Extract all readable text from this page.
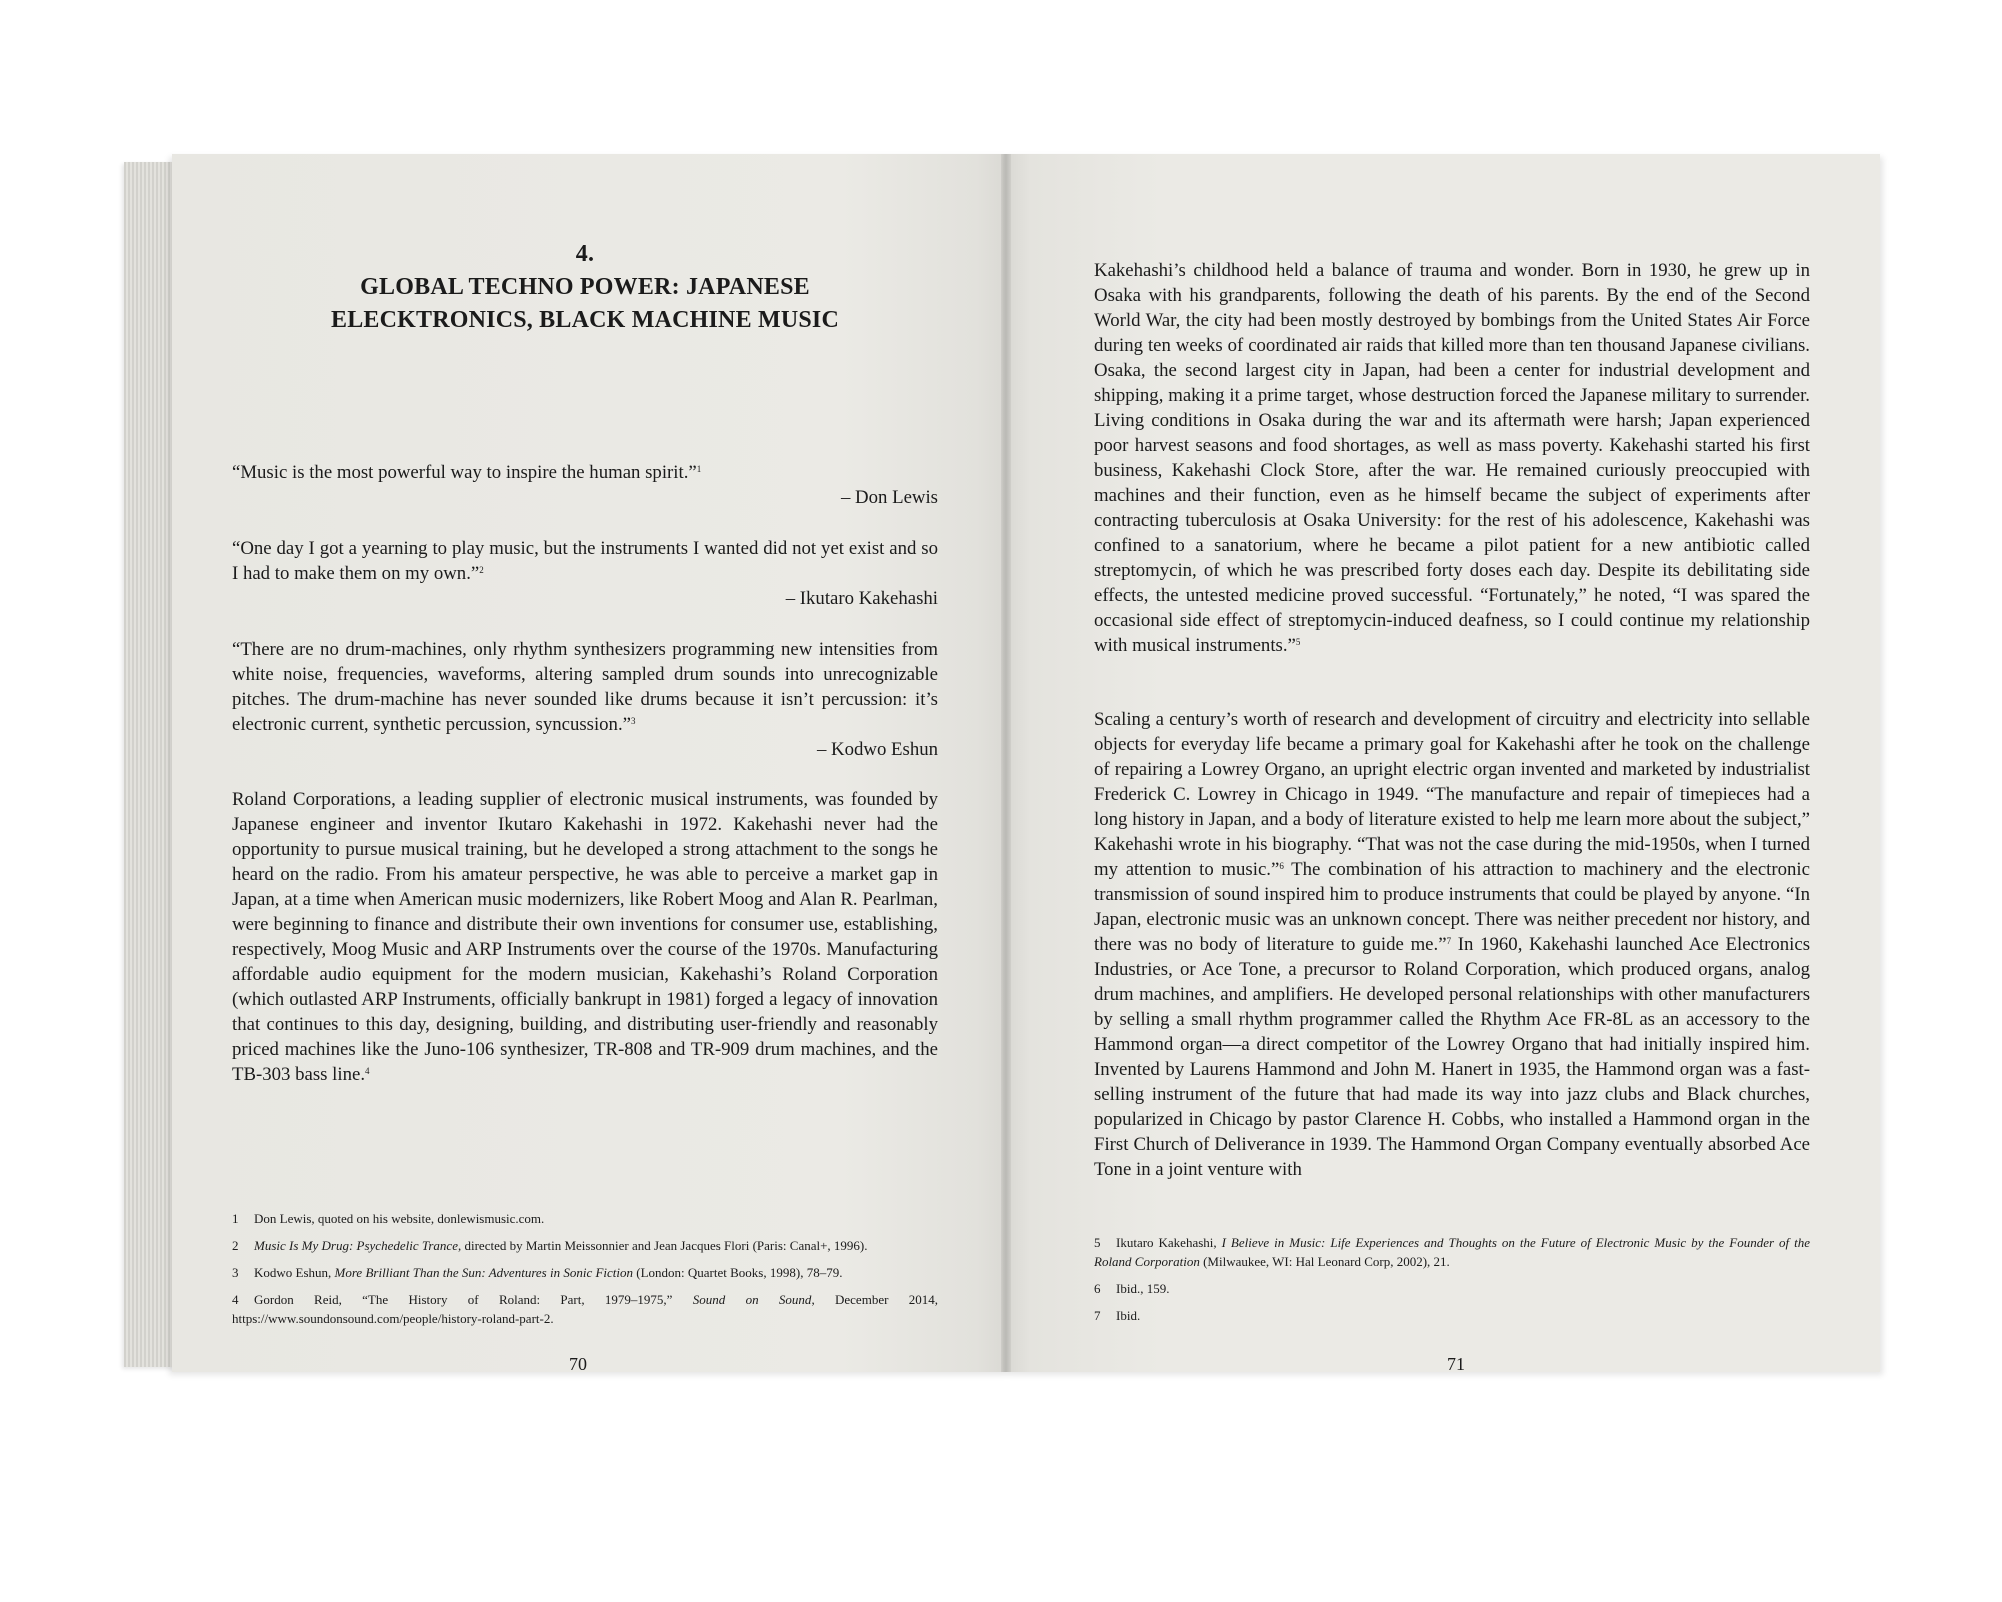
4.
GLOBAL TECHNO POWER: JAPANESE
ELECKTRONICS, BLACK MACHINE MUSIC

“Music is the most powerful way to inspire the human spirit.”$^1$

– Don Lewis

“One day I got a yearning to play music, but the instruments I wanted did not yet exist and so I had to make them on my own.”$^2$

– Ikutaro Kakehashi

“There are no drum-machines, only rhythm synthesizers programming new intensities from white noise, frequencies, waveforms, altering sampled drum sounds into unrecognizable pitches. The drum-machine has never sounded like drums because it isn’t percussion: it’s electronic current, synthetic percussion, syncussion.”$^3$

– Kodwo Eshun
Roland Corporations, a leading supplier of electronic musical instruments, was founded by Japanese engineer and inventor Ikutaro Kakehashi in 1972. Kakehashi never had the opportunity to pursue musical training, but he developed a strong attachment to the songs he heard on the radio. From his amateur perspective, he was able to perceive a market gap in Japan, at a time when American music modernizers, like Robert Moog and Alan R. Pearlman, were beginning to finance and distribute their own inventions for consumer use, establishing, respectively, Moog Music and ARP Instruments over the course of the 1970s. Manufacturing affordable audio equipment for the modern musician, Kakehashi’s Roland Corporation (which outlasted ARP Instruments, officially bankrupt in 1981) forged a legacy of innovation that continues to this day, designing, building, and distributing user-friendly and reasonably priced machines like the Juno-106 synthesizer, TR-808 and TR-909 drum machines, and the TB-303 bass line.$^4$
1 Don Lewis, quoted on his website, donlewismusic.com.
2 Music Is My Drug: Psychedelic Trance, directed by Martin Meissonnier and Jean Jacques Flori (Paris: Canal+, 1996).
3 Kodwo Eshun, More Brilliant Than the Sun: Adventures in Sonic Fiction (London: Quartet Books, 1998), 78–79.
4 Gordon Reid, “The History of Roland: Part, 1979–1975,” Sound on Sound, December 2014, https://www.soundonsound.com/people/history-roland-part-2.
70
Kakehashi’s childhood held a balance of trauma and wonder. Born in 1930, he grew up in Osaka with his grandparents, following the death of his parents. By the end of the Second World War, the city had been mostly destroyed by bombings from the United States Air Force during ten weeks of coordinated air raids that killed more than ten thousand Japanese civilians. Osaka, the second largest city in Japan, had been a center for industrial development and shipping, making it a prime target, whose destruction forced the Japanese military to surrender. Living conditions in Osaka during the war and its aftermath were harsh; Japan experienced poor harvest seasons and food shortages, as well as mass poverty. Kakehashi started his first business, Kakehashi Clock Store, after the war. He remained curiously preoccupied with machines and their function, even as he himself became the subject of experiments after contracting tuberculosis at Osaka University: for the rest of his adolescence, Kakehashi was confined to a sanatorium, where he became a pilot patient for a new antibiotic called streptomycin, of which he was prescribed forty doses each day. Despite its debilitating side effects, the untested medicine proved successful. “Fortunately,” he noted, “I was spared the occasional side effect of streptomycin-induced deafness, so I could continue my relationship with musical instruments.”$^5$
Scaling a century’s worth of research and development of circuitry and electricity into sellable objects for everyday life became a primary goal for Kakehashi after he took on the challenge of repairing a Lowrey Organo, an upright electric organ invented and marketed by industrialist Frederick C. Lowrey in Chicago in 1949. “The manufacture and repair of timepieces had a long history in Japan, and a body of literature existed to help me learn more about the subject,” Kakehashi wrote in his biography. “That was not the case during the mid-1950s, when I turned my attention to music.”$^6$ The combination of his attraction to machinery and the electronic transmission of sound inspired him to produce instruments that could be played by anyone. “In Japan, electronic music was an unknown concept. There was neither precedent nor history, and there was no body of literature to guide me.”$^7$ In 1960, Kakehashi launched Ace Electronics Industries, or Ace Tone, a precursor to Roland Corporation, which produced organs, analog drum machines, and amplifiers. He developed personal relationships with other manufacturers by selling a small rhythm programmer called the Rhythm Ace FR-8L as an accessory to the Hammond organ—a direct competitor of the Lowrey Organo that had initially inspired him. Invented by Laurens Hammond and John M. Hanert in 1935, the Hammond organ was a fast-selling instrument of the future that had made its way into jazz clubs and Black churches, popularized in Chicago by pastor Clarence H. Cobbs, who installed a Hammond organ in the First Church of Deliverance in 1939. The Hammond Organ Company eventually absorbed Ace Tone in a joint venture with
5 Ikutaro Kakehashi, I Believe in Music: Life Experiences and Thoughts on the Future of Electronic Music by the Founder of the Roland Corporation (Milwaukee, WI: Hal Leonard Corp, 2002), 21.
6 Ibid., 159.
7 Ibid.
71
